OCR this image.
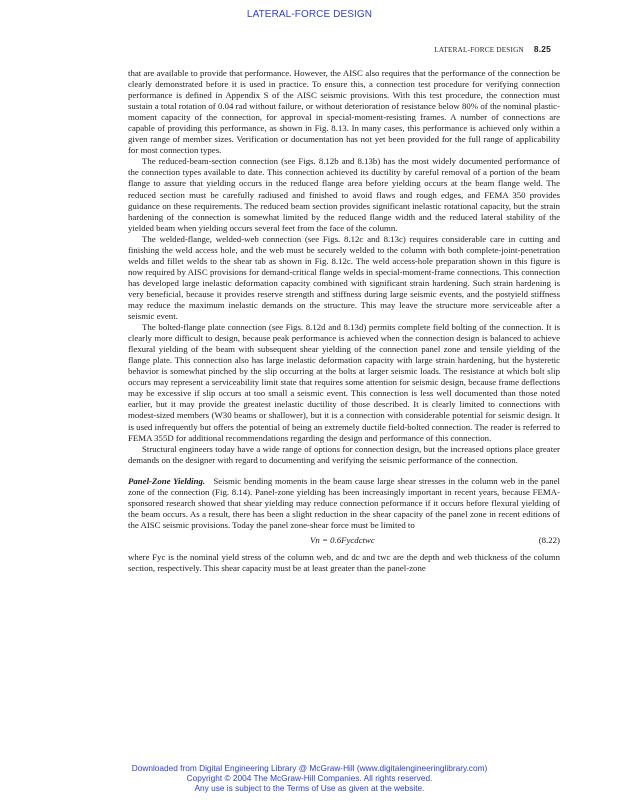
LATERAL-FORCE DESIGN
LATERAL-FORCE DESIGN 8.25

that are available to provide that performance. However, the AISC also requires that the performance of the connection be clearly demonstrated before it is used in practice. To ensure this, a connection test procedure for verifying connection performance is defined in Appendix S of the AISC seismic provisions. With this test procedure, the connection must sustain a total rotation of 0.04 rad without failure, or without deterioration of resistance below 80% of the nominal plastic-moment capacity of the connection, for approval in special-moment-resisting frames. A number of connections are capable of providing this performance, as shown in Fig. 8.13. In many cases, this performance is achieved only within a given range of member sizes. Verification or documentation has not yet been provided for the full range of applicability for most connection types.

The reduced-beam-section connection (see Figs. 8.12b and 8.13b) has the most widely documented performance of the connection types available to date. This connection achieved its ductility by careful removal of a portion of the beam flange to assure that yielding occurs in the reduced flange area before yielding occurs at the beam flange weld. The reduced section must be carefully radiused and finished to avoid flaws and rough edges, and FEMA 350 provides guidance on these requirements. The reduced beam section provides significant inelastic rotational capacity, but the strain hardening of the connection is somewhat limited by the reduced flange width and the reduced lateral stability of the yielded beam when yielding occurs several feet from the face of the column.

The welded-flange, welded-web connection (see Figs. 8.12c and 8.13c) requires considerable care in cutting and finishing the weld access hole, and the web must be securely welded to the column with both complete-joint-penetration welds and fillet welds to the shear tab as shown in Fig. 8.12c. The weld access-hole preparation shown in this figure is now required by AISC provisions for demand-critical flange welds in special-moment-frame connections. This connection has developed large inelastic deformation capacity combined with significant strain hardening. Such strain hardening is very beneficial, because it provides reserve strength and stiffness during large seismic events, and the postyield stiffness may reduce the maximum inelastic demands on the structure. This may leave the structure more serviceable after a seismic event.

The bolted-flange plate connection (see Figs. 8.12d and 8.13d) permits complete field bolting of the connection. It is clearly more difficult to design, because peak performance is achieved when the connection design is balanced to achieve flexural yielding of the beam with subsequent shear yielding of the connection panel zone and tensile yielding of the flange plate. This connection also has large inelastic deformation capacity with large strain hardening, but the hysteretic behavior is somewhat pinched by the slip occurring at the bolts at larger seismic loads. The resistance at which bolt slip occurs may represent a serviceability limit state that requires some attention for seismic design, because frame deflections may be excessive if slip occurs at too small a seismic event. This connection is less well documented than those noted earlier, but it may provide the greatest inelastic ductility of those described. It is clearly limited to connections with modest-sized members (W30 beams or shallower), but it is a connection with considerable potential for seismic design. It is used infrequently but offers the potential of being an extremely ductile field-bolted connection. The reader is referred to FEMA 355D for additional recommendations regarding the design and performance of this connection.

Structural engineers today have a wide range of options for connection design, but the increased options place greater demands on the designer with regard to documenting and verifying the seismic performance of the connection.

Panel-Zone Yielding. Seismic bending moments in the beam cause large shear stresses in the column web in the panel zone of the connection (Fig. 8.14). Panel-zone yielding has been increasingly important in recent years, because FEMA-sponsored research showed that shear yielding may reduce connection peformance if it occurs before flexural yielding of the beam occurs. As a result, there has been a slight reduction in the shear capacity of the panel zone in recent editions of the AISC seismic provisions. Today the panel zone-shear force must be limited to

Vn = 0.6Fycdctwc	(8.22)

where Fyc is the nominal yield stress of the column web, and dc and twc are the depth and web thickness of the column section, respectively. This shear capacity must be at least greater than the panel-zone

Downloaded from Digital Engineering Library @ McGraw-Hill (www.digitalengineeringlibrary.com)
Copyright © 2004 The McGraw-Hill Companies. All rights reserved.
Any use is subject to the Terms of Use as given at the website.
